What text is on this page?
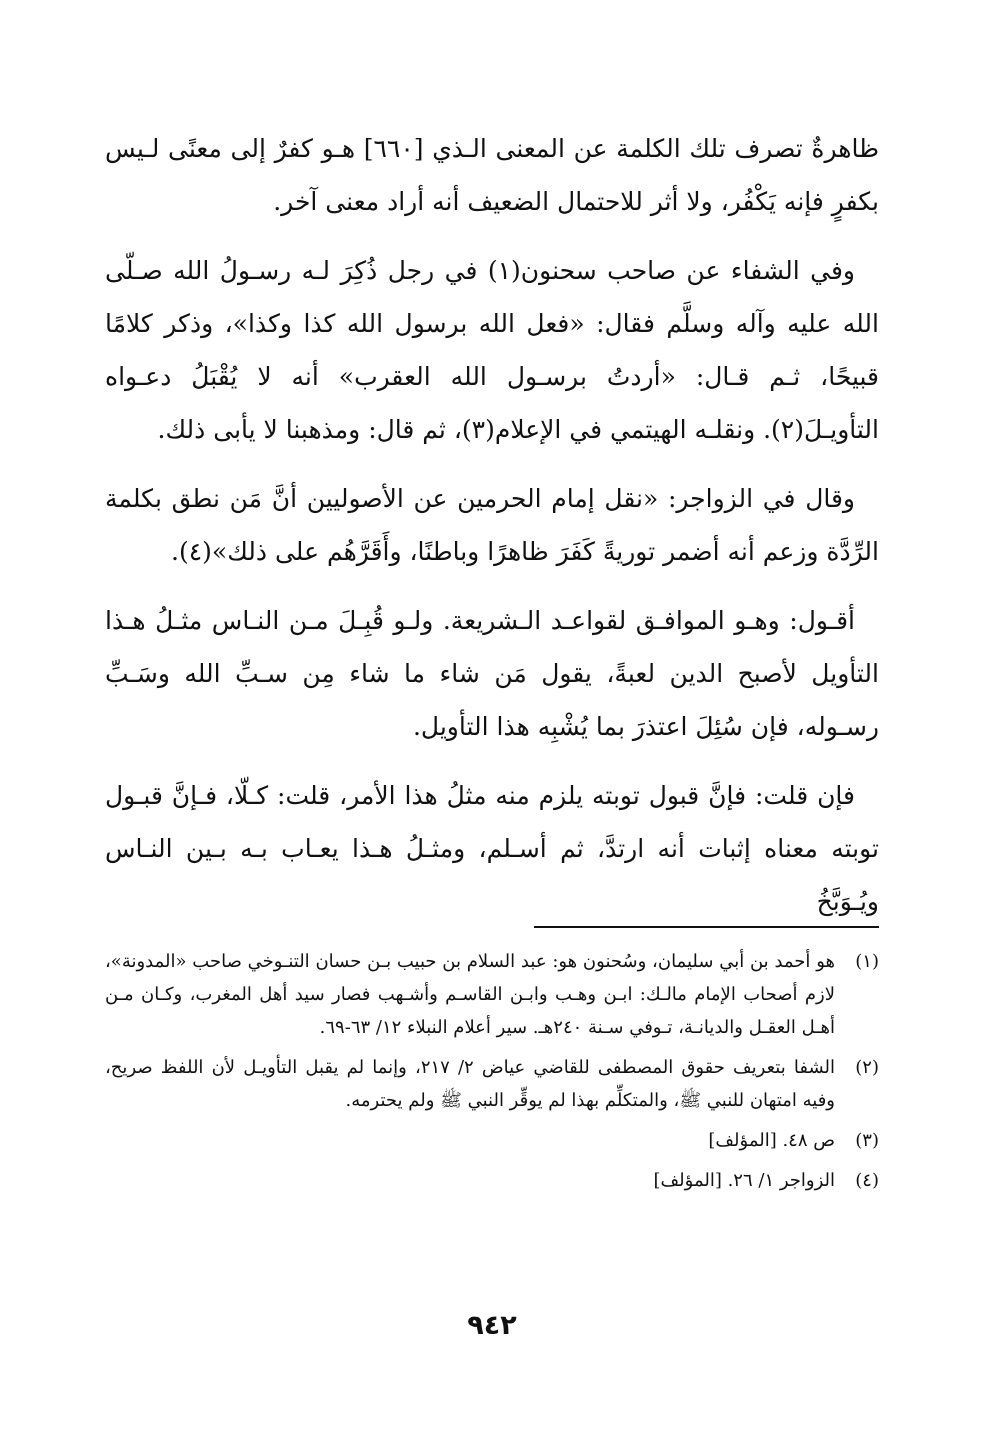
ظاهرةٌ تصرف تلك الكلمة عن المعنى الـذي [٦٦٠] هـو كفرٌ إلى معنًى لـيس بكفرٍ فإنه يَكْفُر، ولا أثر للاحتمال الضعيف أنه أراد معنى آخر.

وفي الشفاء عن صاحب سحنون(١) في رجل ذُكِرَ لـه رسـولُ الله صـلّى الله عليه وآله وسلَّم فقال: «فعل الله برسول الله كذا وكذا»، وذكر كلامًا قبيحًا، ثـم قـال: «أردتُ برسـول الله العقرب» أنه لا يُقْبَلُ دعـواه التأويـلَ(٢). ونقلـه الهيتمي في الإعلام(٣)، ثم قال: ومذهبنا لا يأبى ذلك.

وقال في الزواجر: «نقل إمام الحرمين عن الأصوليين أنَّ مَن نطق بكلمة الرِّدَّة وزعم أنه أضمر توريةً كَفَرَ ظاهرًا وباطنًا، وأَقَرَّهُم على ذلك»(٤).

أقـول: وهـو الموافـق لقواعـد الـشريعة. ولـو قُبِـلَ مـن النـاس مثـلُ هـذا التأويل لأصبح الدين لعبةً، يقول مَن شاء ما شاء مِن سـبِّ الله وسَـبِّ رسـوله، فإن سُئِلَ اعتذرَ بما يُشْبِه هذا التأويل.

فإن قلت: فإنَّ قبول توبته يلزم منه مثلُ هذا الأمر، قلت: كـلّا، فـإنَّ قبـول توبته معناه إثبات أنه ارتدَّ، ثم أسـلم، ومثـلُ هـذا يعـاب بـه بـين النـاس ويُـوَبَّخُ

(١)
هو أحمد بن أبي سليمان، وسُحنون هو: عبد السلام بن حبيب بـن حسان التنـوخي صاحب «المدونة»، لازم أصحاب الإمام مالـك: ابـن وهـب وابـن القاسـم وأشـهب فصار سيد أهل المغرب، وكـان مـن أهـل العقـل والديانـة، تـوفي سـنة ٢٤٠هـ. سير أعلام النبلاء ١٢/ ٦٣-٦٩.
(٢)
الشفا بتعريف حقوق المصطفى للقاضي عياض ٢/ ٢١٧، وإنما لم يقبل التأويـل لأن اللفظ صريح، وفيه امتهان للنبي ﷺ، والمتكلِّم بهذا لم يوقِّر النبي ﷺ ولم يحترمه.
(٣)
ص ٤٨. [المؤلف]
(٤)
الزواجر ١/ ٢٦. [المؤلف]
٩٤٢
